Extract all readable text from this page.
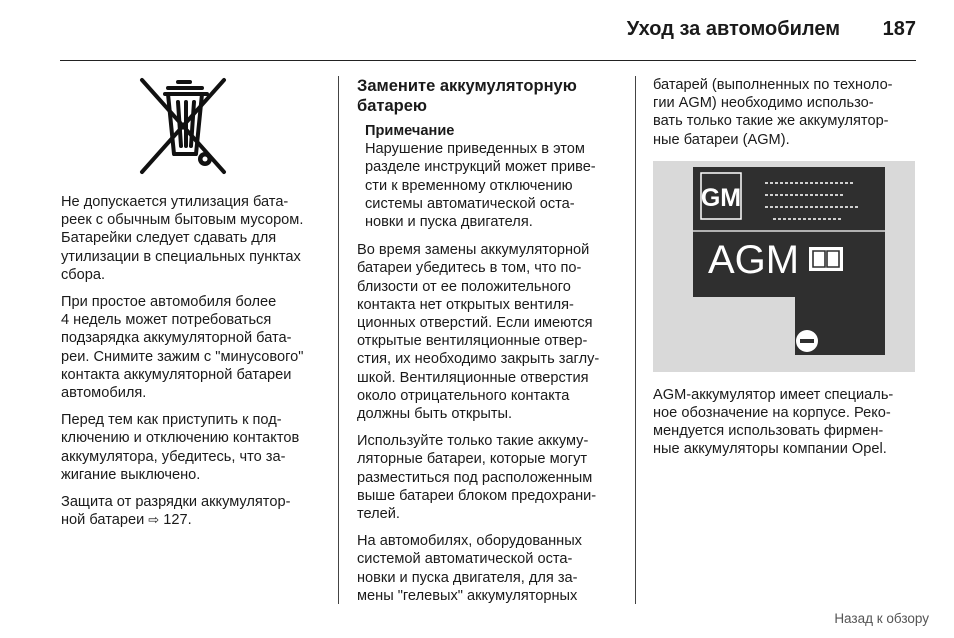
Уход за автомобилем	187

Не допускается утилизация бата-
реек с обычным бытовым мусором.
Батарейки следует сдавать для
утилизации в специальных пунктах
сбора.

При простое автомобиля более
4 недель может потребоваться
подзарядка аккумуляторной бата-
реи. Снимите зажим с "минусового"
контакта аккумуляторной батареи
автомобиля.

Перед тем как приступить к под-
ключению и отключению контактов
аккумулятора, убедитесь, что за-
жигание выключено.

Защита от разрядки аккумулятор-
ной батареи ⇨ 127.

Замените аккумуляторную
батарею
Примечание
Нарушение приведенных в этом
разделе инструкций может приве-
сти к временному отключению
системы автоматической оста-
новки и пуска двигателя.

Во время замены аккумуляторной
батареи убедитесь в том, что по-
близости от ее положительного
контакта нет открытых вентиля-
ционных отверстий. Если имеются
открытые вентиляционные отвер-
стия, их необходимо закрыть заглу-
шкой. Вентиляционные отверстия
около отрицательного контакта
должны быть открыты.

Используйте только такие аккуму-
ляторные батареи, которые могут
разместиться под расположенным
выше батареи блоком предохрани-
телей.

На автомобилях, оборудованных
системой автоматической оста-
новки и пуска двигателя, для за-
мены "гелевых" аккумуляторных

батарей (выполненных по техноло-
гии AGM) необходимо использо-
вать только такие же аккумулятор-
ные батареи (AGM).

GM
AGM

AGM-аккумулятор имеет специаль-
ное обозначение на корпусе. Реко-
мендуется использовать фирмен-
ные аккумуляторы компании Opel.

Назад к обзору
